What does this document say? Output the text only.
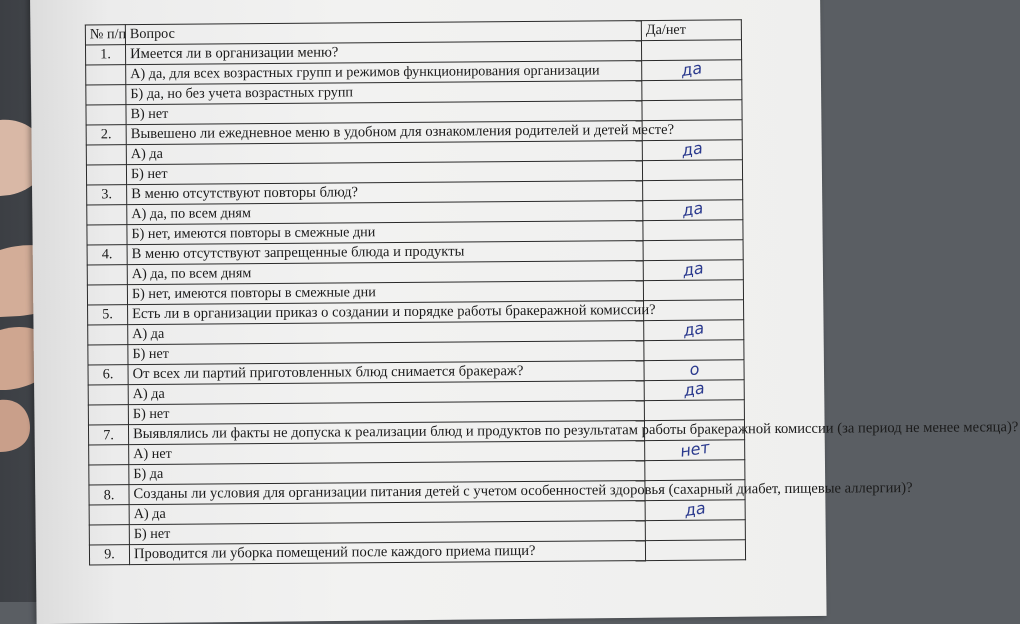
№ п/п	Вопрос	Да/нет
1.	Имеется ли в организации меню?	
	А) да, для всех возрастных групп и режимов функционирования организации	да
	Б) да, но без учета возрастных групп	
	В) нет	
2.	Вывешено ли ежедневное меню в удобном для ознакомления родителей и детей месте?	
	А) да	да
	Б) нет	
3.	В меню отсутствуют повторы блюд?	
	А) да, по всем дням	да
	Б) нет, имеются повторы в смежные дни	
4.	В меню отсутствуют запрещенные блюда и продукты	
	А) да, по всем дням	да
	Б) нет, имеются повторы в смежные дни	
5.	Есть ли в организации приказ о создании и порядке работы бракеражной комиссии?	
	А) да	да
	Б) нет	
6.	От всех ли партий приготовленных блюд снимается бракераж?	о
	А) да	да
	Б) нет	
7.	Выявлялись ли факты не допуска к реализации блюд и продуктов по результатам работы бракеражной комиссии (за период не менее месяца)?	
	А) нет	нет
	Б) да	
8.	Созданы ли условия для организации питания детей с учетом особенностей здоровья (сахарный диабет, пищевые аллергии)?	
	А) да	да
	Б) нет	
9.	Проводится ли уборка помещений после каждого приема пищи?	
